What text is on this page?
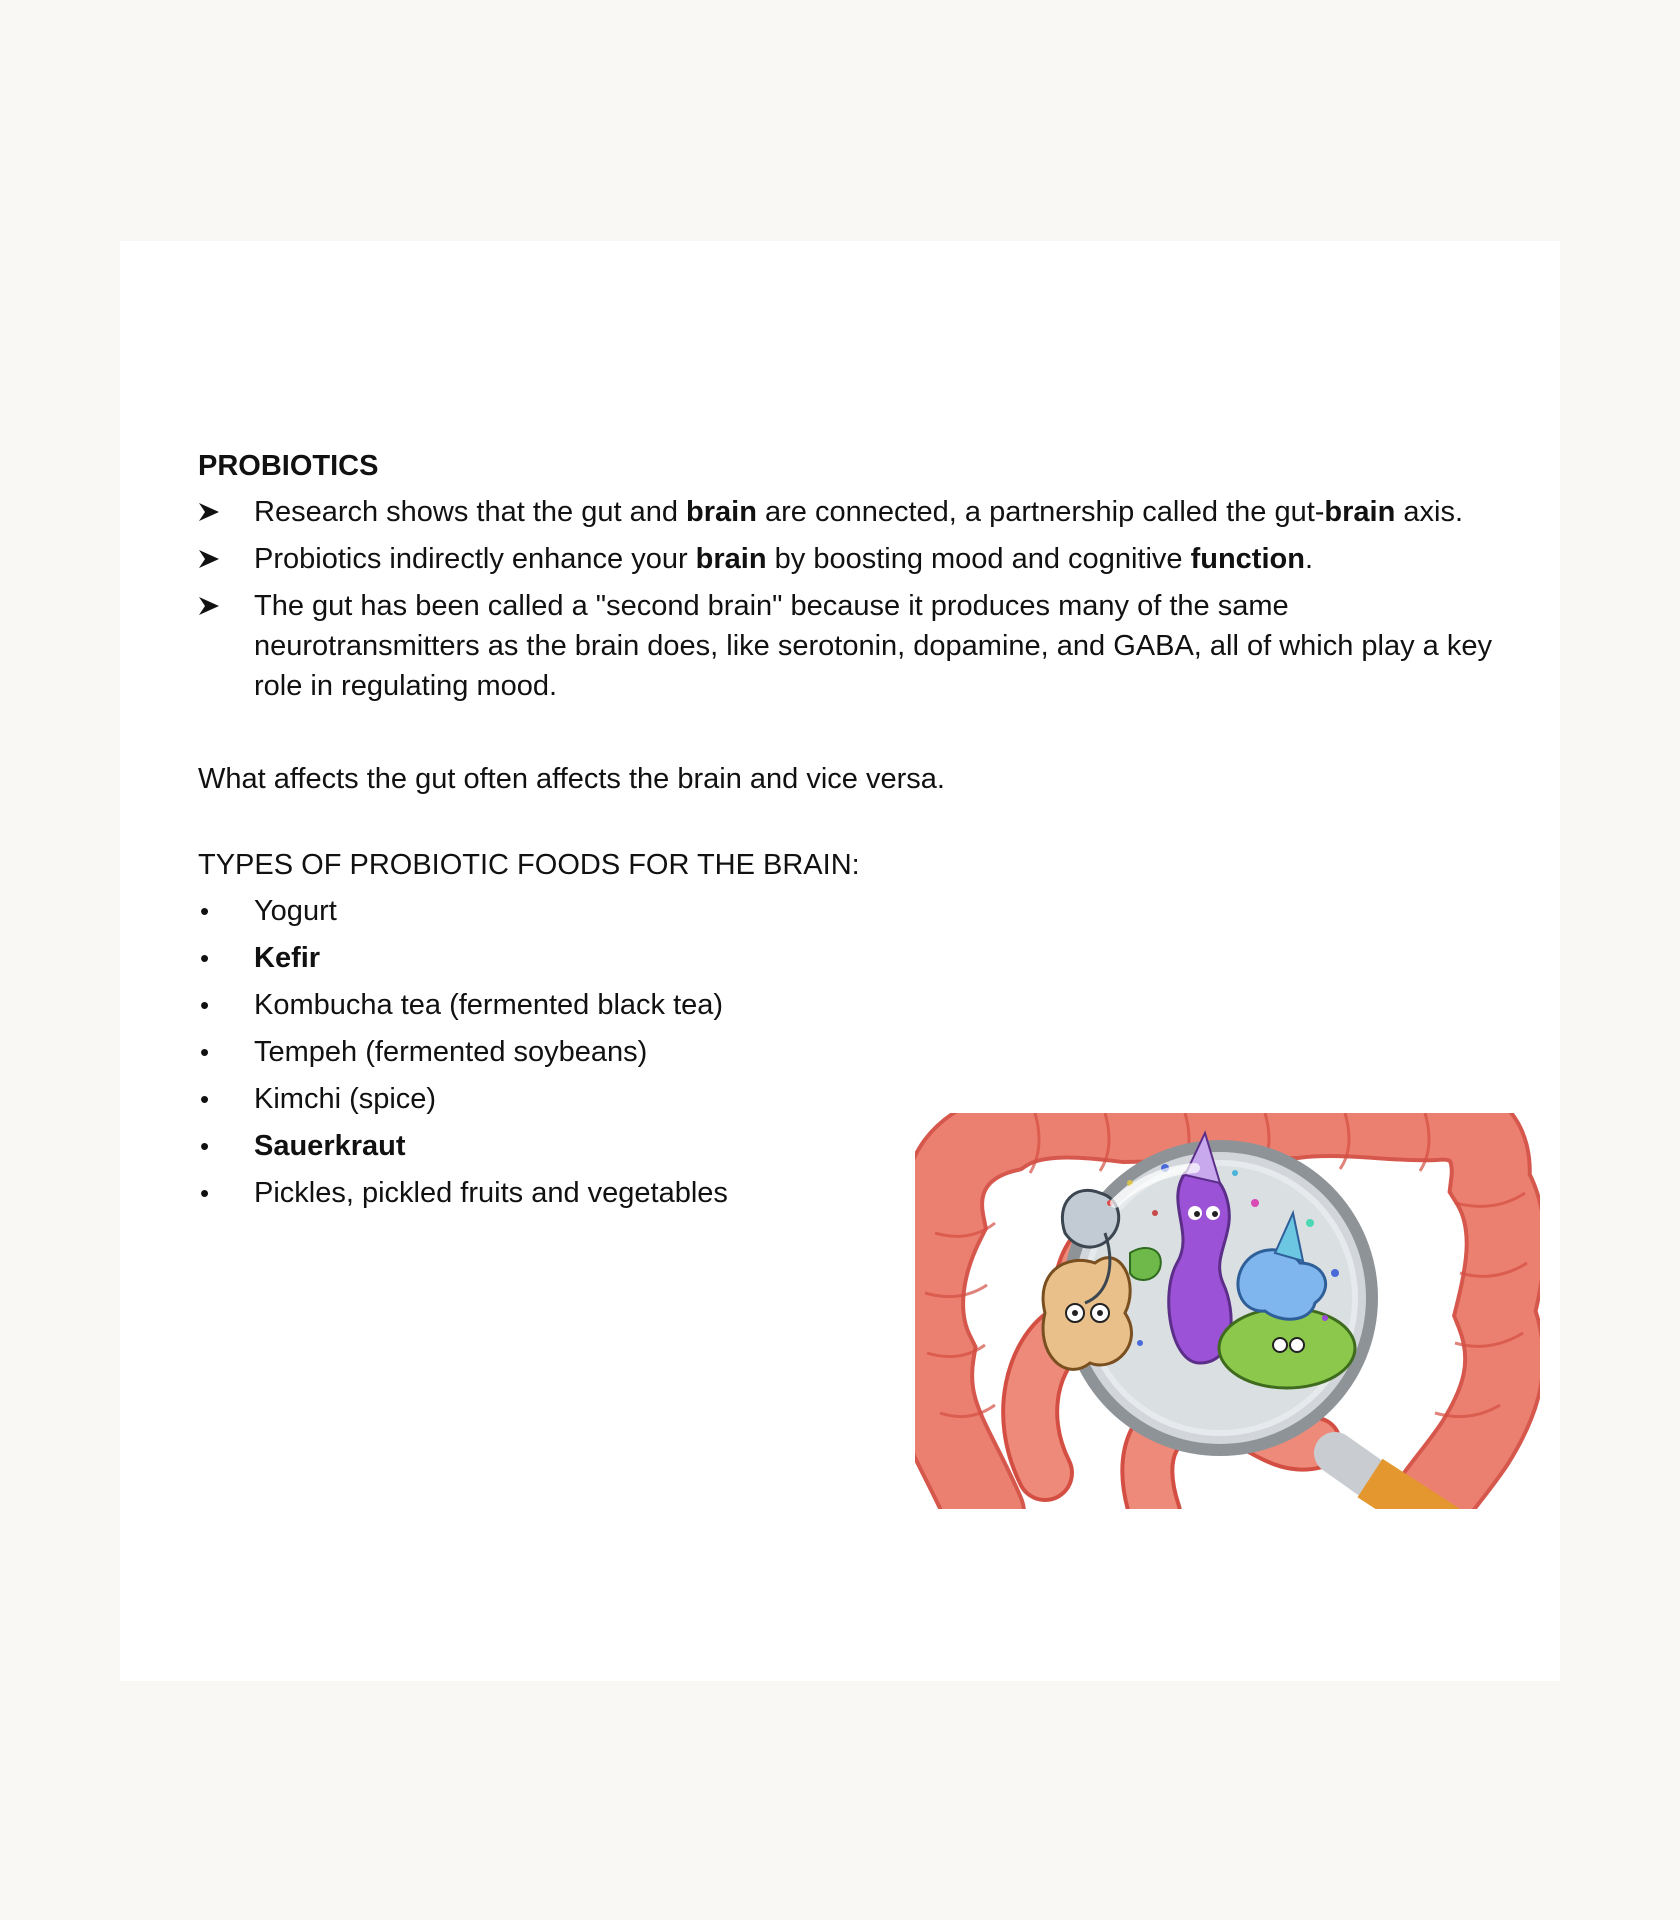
PROBIOTICS
Research shows that the gut and brain are connected, a partnership called the gut-brain axis.
Probiotics indirectly enhance your brain by boosting mood and cognitive function.
The gut has been called a "second brain" because it produces many of the same neurotransmitters as the brain does, like serotonin, dopamine, and GABA, all of which play a key role in regulating mood.

What affects the gut often affects the brain and vice versa.

TYPES OF PROBIOTIC FOODS FOR THE BRAIN:
•	Yogurt
•	Kefir
•	Kombucha tea (fermented black tea)
•	Tempeh (fermented soybeans)
•	Kimchi (spice)
•	Sauerkraut
•	Pickles, pickled fruits and vegetables
